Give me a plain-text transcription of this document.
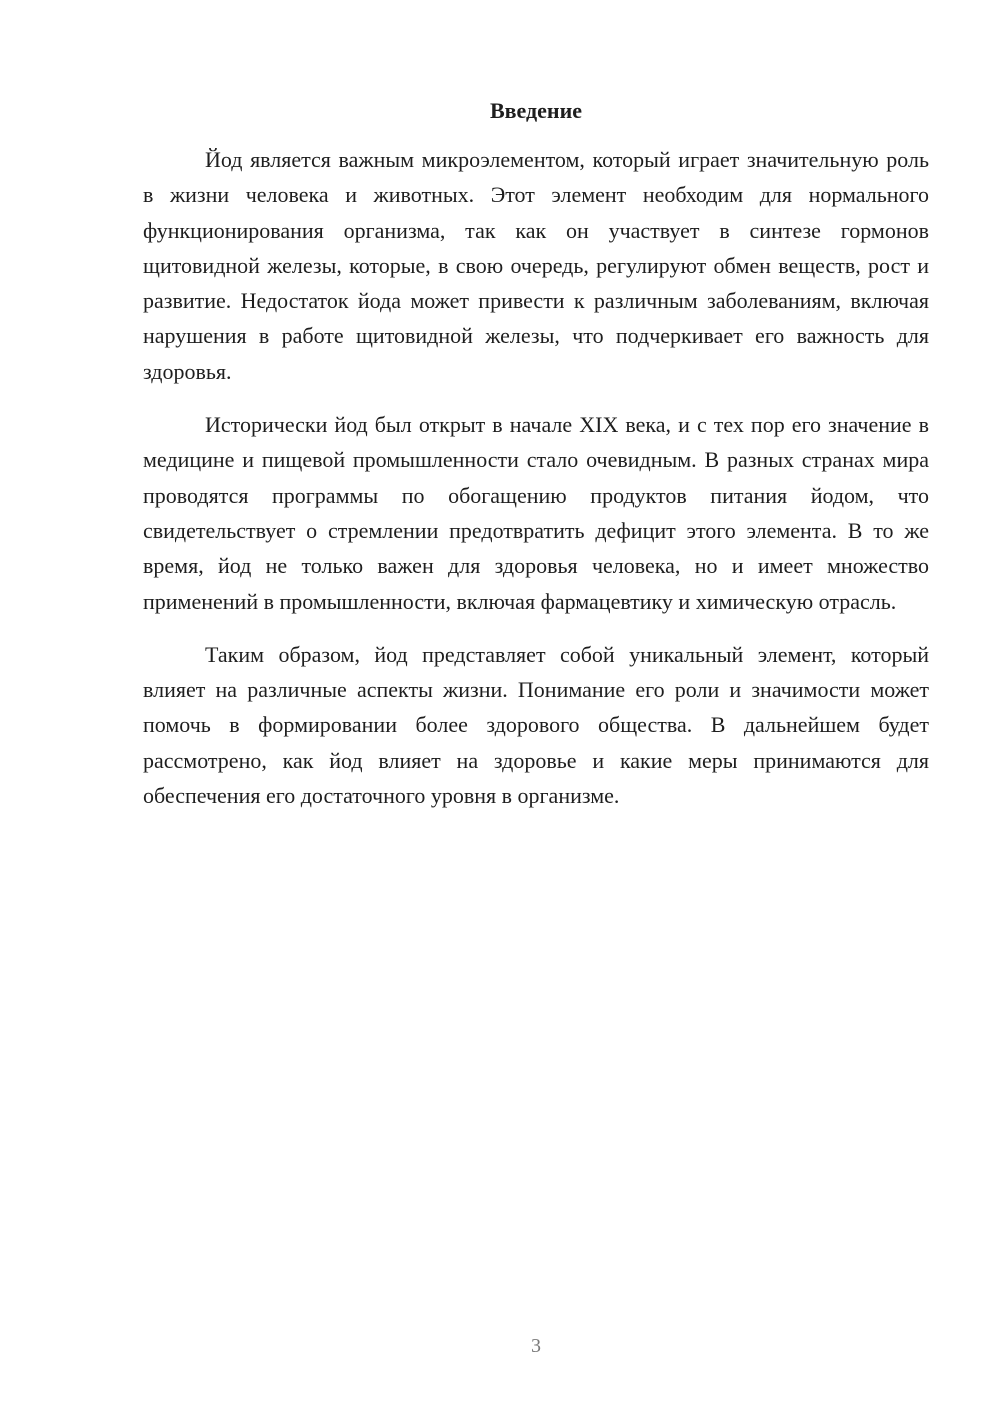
Введение

Йод является важным микроэлементом, который играет значительную роль в жизни человека и животных. Этот элемент необходим для нормального функционирования организма, так как он участвует в синтезе гормонов щитовидной железы, которые, в свою очередь, регулируют обмен веществ, рост и развитие. Недостаток йода может привести к различным заболеваниям, включая нарушения в работе щитовидной железы, что подчеркивает его важность для здоровья.

Исторически йод был открыт в начале XIX века, и с тех пор его значение в медицине и пищевой промышленности стало очевидным. В разных странах мира проводятся программы по обогащению продуктов питания йодом, что свидетельствует о стремлении предотвратить дефицит этого элемента. В то же время, йод не только важен для здоровья человека, но и имеет множество применений в промышленности, включая фармацевтику и химическую отрасль.

Таким образом, йод представляет собой уникальный элемент, который влияет на различные аспекты жизни. Понимание его роли и значимости может помочь в формировании более здорового общества. В дальнейшем будет рассмотрено, как йод влияет на здоровье и какие меры принимаются для обеспечения его достаточного уровня в организме.

3
